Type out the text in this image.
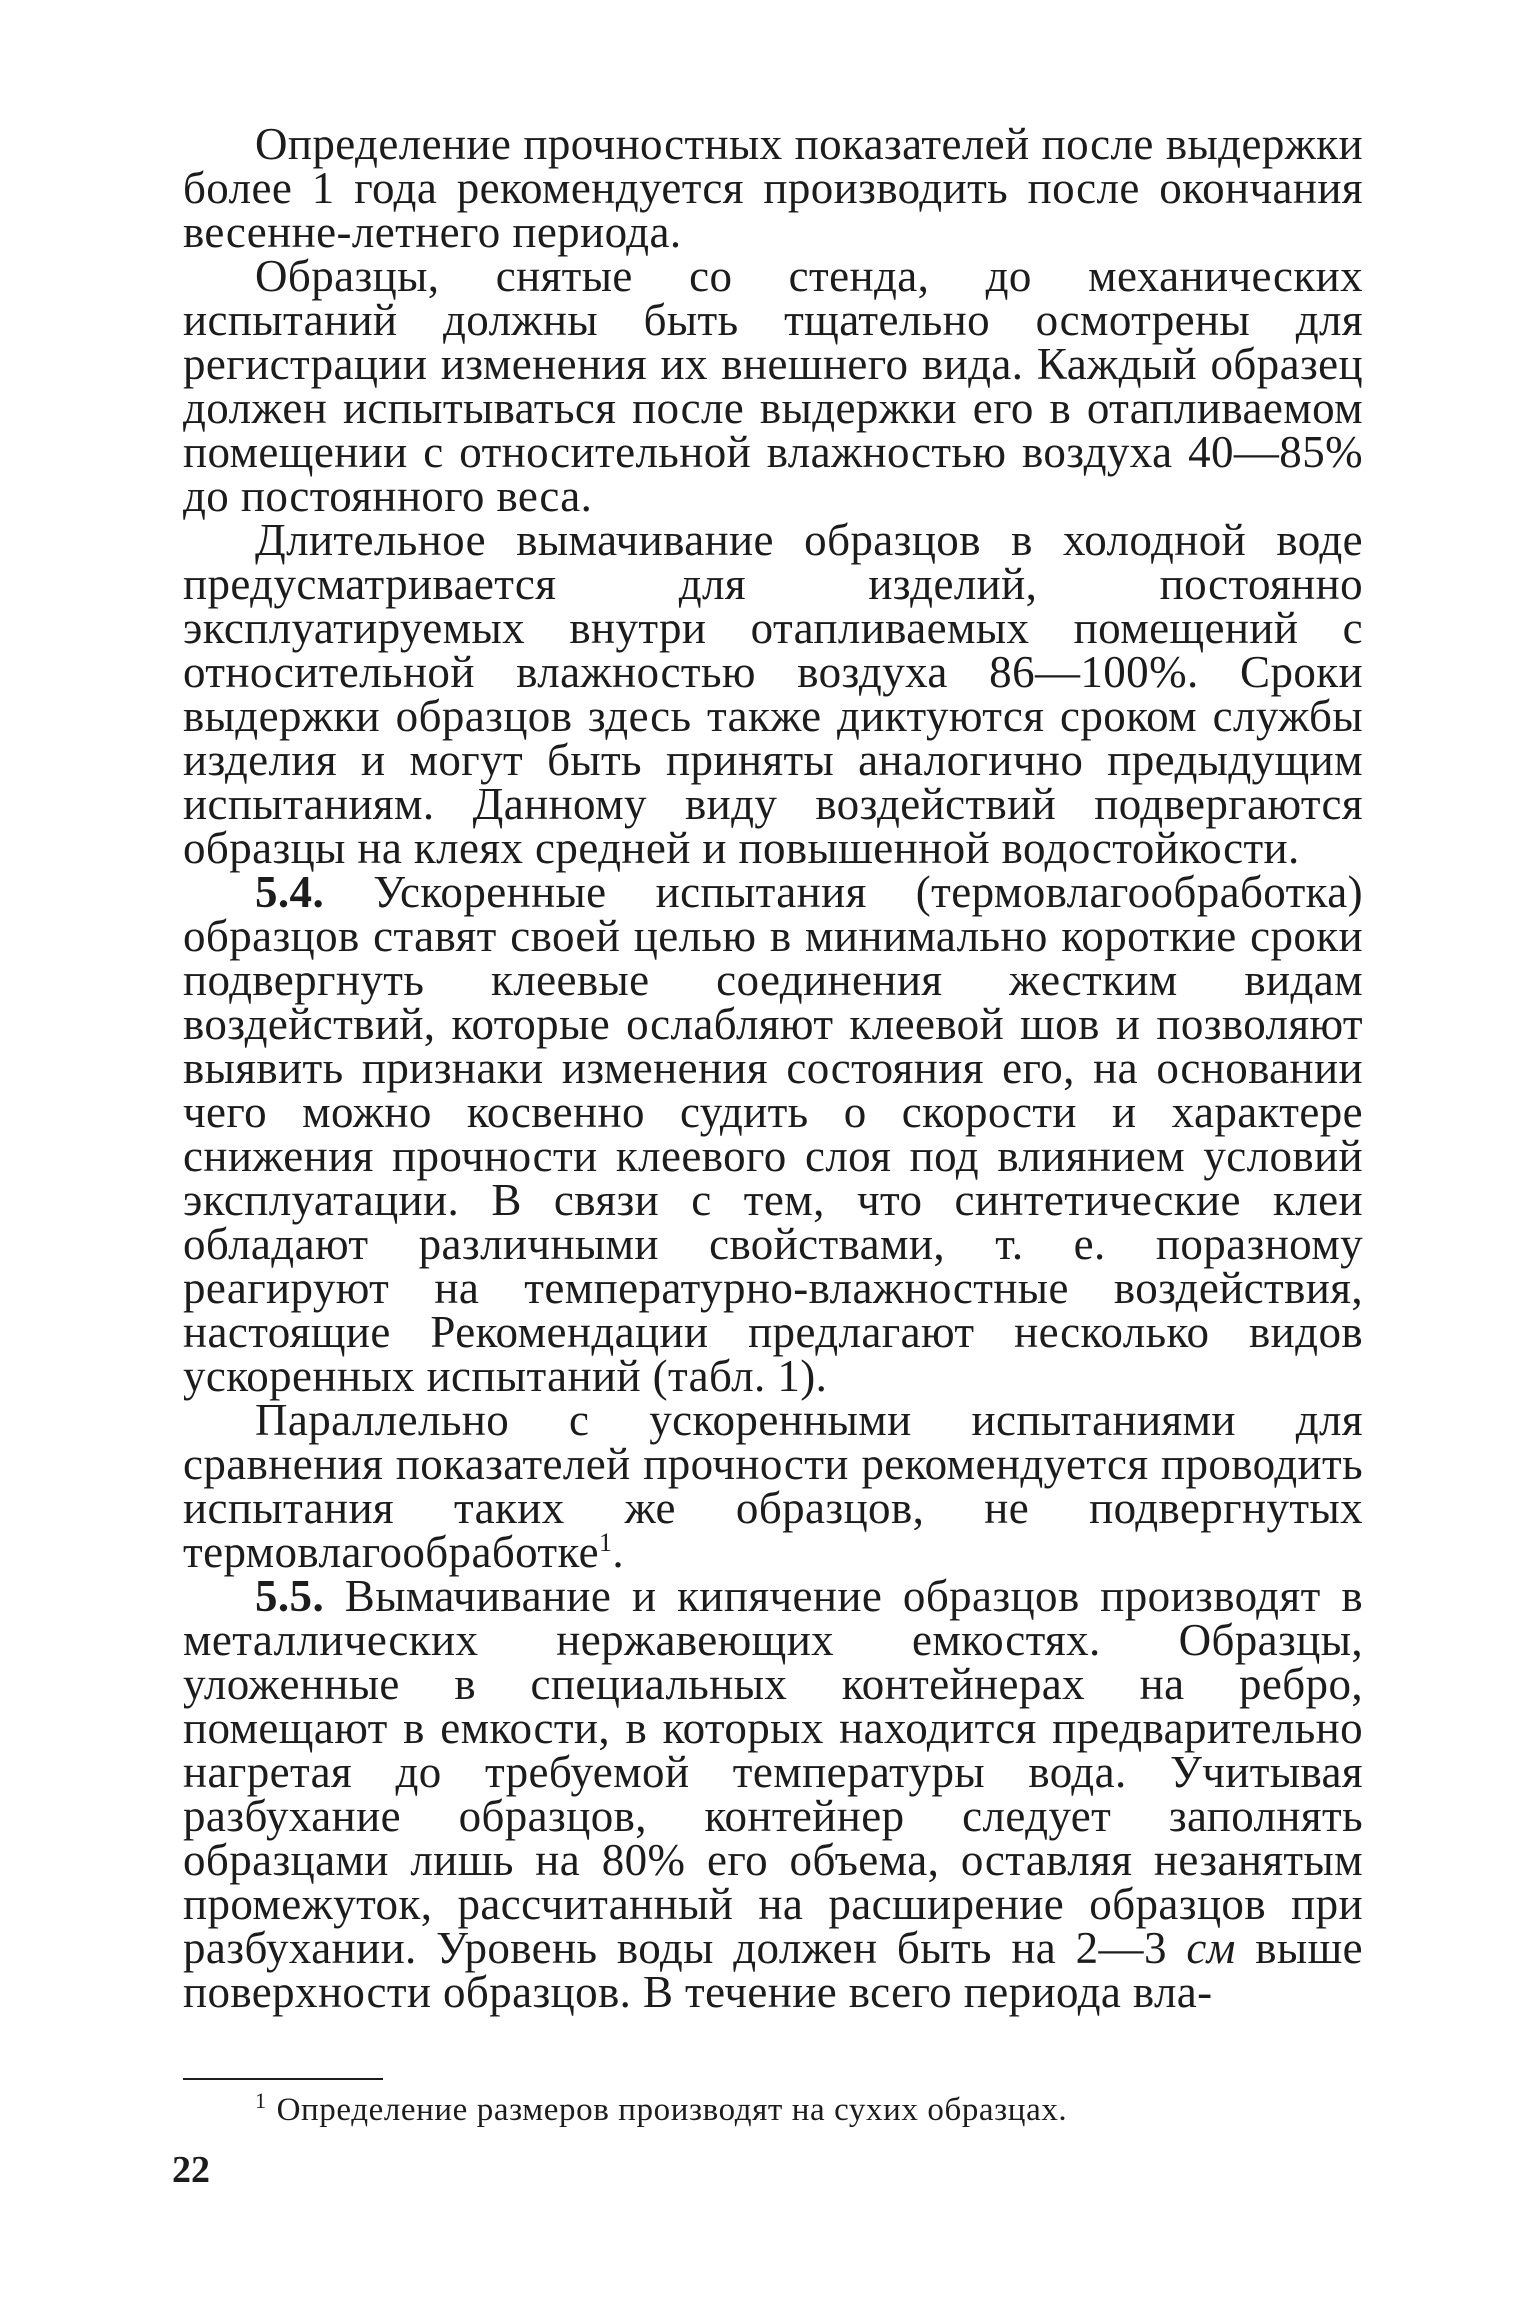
Определение прочностных показателей после выдержки более 1 года рекомендуется производить после окончания весенне-летнего периода.

Образцы, снятые со стенда, до механических испытаний должны быть тщательно осмотрены для регистрации изменения их внешнего вида. Каждый образец должен испытываться после выдержки его в отапливаемом помещении с относительной влажностью воздуха 40—85% до постоянного веса.

Длительное вымачивание образцов в холодной воде предусматривается для изделий, постоянно эксплуатируемых внутри отапливаемых помещений с относительной влажностью воздуха 86—100%. Сроки выдержки образцов здесь также диктуются сроком службы изделия и могут быть приняты аналогично предыдущим испытаниям. Данному виду воздействий подвергаются образцы на клеях средней и повышенной водостойкости.

5.4. Ускоренные испытания (термовлагообработка) образцов ставят своей целью в минимально короткие сроки подвергнуть клеевые соединения жестким видам воздействий, которые ослабляют клеевой шов и позволяют выявить признаки изменения состояния его, на основании чего можно косвенно судить о скорости и характере снижения прочности клеевого слоя под влиянием условий эксплуатации. В связи с тем, что синтетические клеи обладают различными свойствами, т. е. поразному реагируют на температурно-влажностные воздействия, настоящие Рекомендации предлагают несколько видов ускоренных испытаний (табл. 1).

Параллельно с ускоренными испытаниями для сравнения показателей прочности рекомендуется проводить испытания таких же образцов, не подвергнутых термовлагообработке$^1$.

5.5. Вымачивание и кипячение образцов производят в металлических нержавеющих емкостях. Образцы, уложенные в специальных контейнерах на ребро, помещают в емкости, в которых находится предварительно нагретая до требуемой температуры вода. Учитывая разбухание образцов, контейнер следует заполнять образцами лишь на 80% его объема, оставляя незанятым промежуток, рассчитанный на расширение образцов при разбухании. Уровень воды должен быть на 2—3 см выше поверхности образцов. В течение всего периода вла-

$^1$ Определение размеров производят на сухих образцах.
22
